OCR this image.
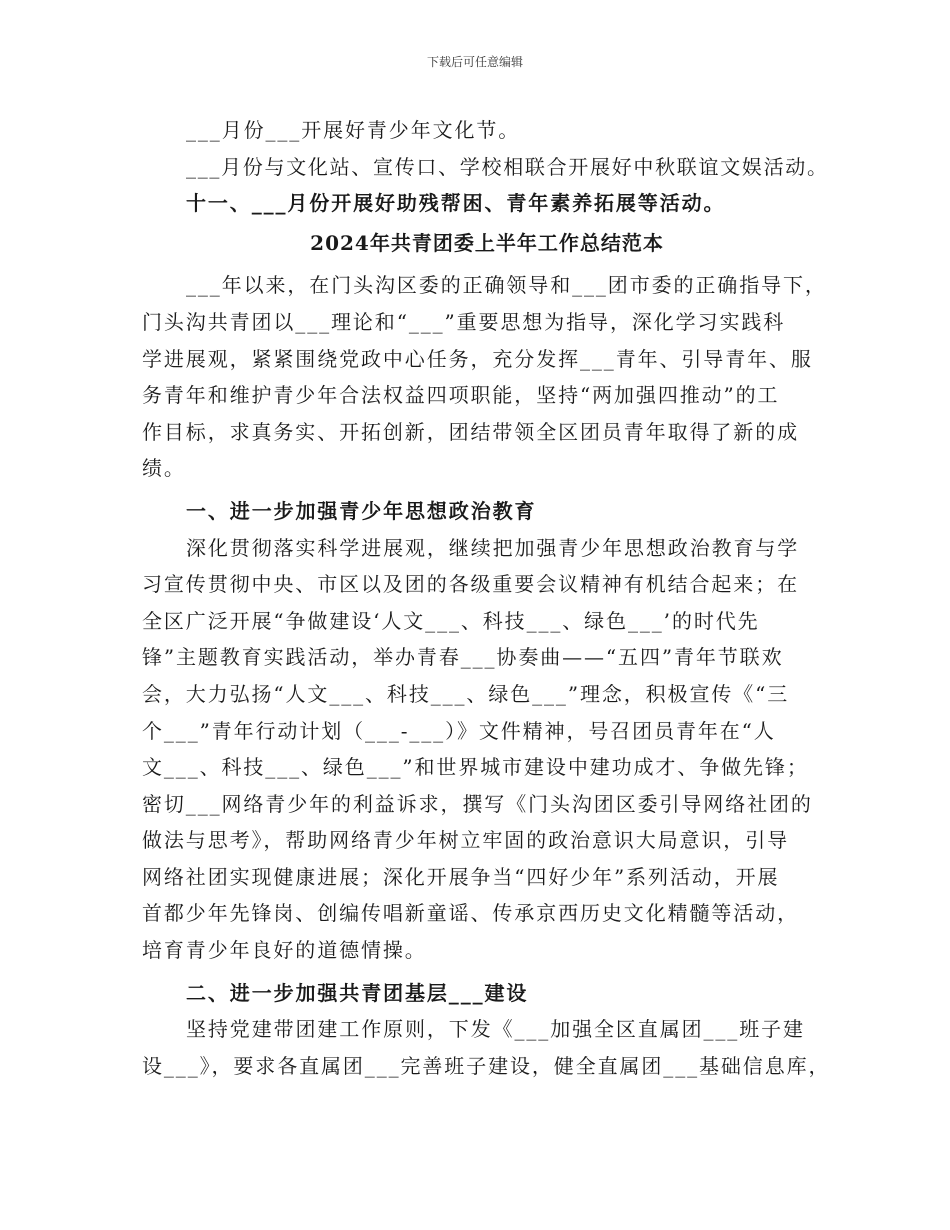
下载后可任意编辑
___月份___开展好青少年文化节。
___月份与文化站、宣传口、学校相联合开展好中秋联谊文娱活动。
十一、___月份开展好助残帮困、青年素养拓展等活动。
2024年共青团委上半年工作总结范本
___年以来，在门头沟区委的正确领导和___团市委的正确指导下，
门头沟共青团以___理论和“___”重要思想为指导，深化学习实践科
学进展观，紧紧围绕党政中心任务，充分发挥___青年、引导青年、服
务青年和维护青少年合法权益四项职能，坚持“两加强四推动”的工
作目标，求真务实、开拓创新，团结带领全区团员青年取得了新的成
绩。
一、进一步加强青少年思想政治教育
深化贯彻落实科学进展观，继续把加强青少年思想政治教育与学
习宣传贯彻中央、市区以及团的各级重要会议精神有机结合起来；在
全区广泛开展“争做建设‘人文___、科技___、绿色___’的时代先
锋”主题教育实践活动，举办青春___协奏曲——“五四”青年节联欢
会，大力弘扬“人文___、科技___、绿色___”理念，积极宣传《“三
个___”青年行动计划（___-___）》文件精神，号召团员青年在“人
文___、科技___、绿色___”和世界城市建设中建功成才、争做先锋；
密切___网络青少年的利益诉求，撰写《门头沟团区委引导网络社团的
做法与思考》，帮助网络青少年树立牢固的政治意识大局意识，引导
网络社团实现健康进展；深化开展争当“四好少年”系列活动，开展
首都少年先锋岗、创编传唱新童谣、传承京西历史文化精髓等活动，
培育青少年良好的道德情操。
二、进一步加强共青团基层___建设
坚持党建带团建工作原则，下发《___加强全区直属团___班子建
设___》，要求各直属团___完善班子建设，健全直属团___基础信息库，
